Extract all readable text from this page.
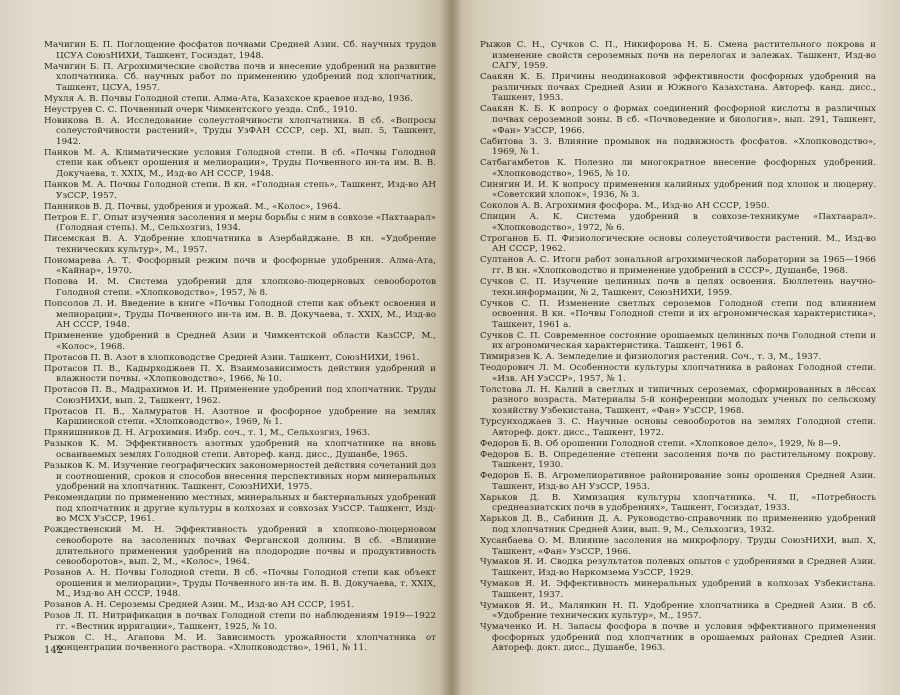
Мачигин Б. П. Поглощение фосфатов почвами Средней Азии. Сб. научных трудов ЦСУА СоюзНИХИ, Ташкент, Госиздат, 1948.
Мачигин Б. П. Агрохимические свойства почв и внесение удобрений на развитие хлопчатника. Сб. научных работ по применению удобрений под хлопчатник, Ташкент, ЦСУА, 1957.
Мухля А. В. Почвы Голодной степи. Алма-Ата, Казахское краевое изд-во, 1936.
Неуструев С. С. Почвенный очерк Чимкентского уезда. Спб., 1910.
Новикова В. А. Исследование солеустойчивости хлопчатника. В сб. «Вопросы солеустойчивости растений», Труды УзФАН СССР, сер. XI, вып. 5, Ташкент, 1942.
Панков М. А. Климатические условия Голодной степи. В сб. «Почвы Голодной степи как объект орошения и мелиорации», Труды Почвенного ин-та им. В. В. Докучаева, т. XXIX, М., Изд-во АН СССР, 1948.
Панков М. А. Почвы Голодной степи. В кн. «Голодная степь», Ташкент, Изд-во АН УзССР, 1957.
Панников В. Д. Почвы, удобрения и урожай. М., «Колос», 1964.
Петров Е. Г. Опыт изучения засоления и меры борьбы с ним в совхозе «Пахтаарал» (Голодная степь). М., Сельхозгиз, 1934.
Писемская В. А. Удобрение хлопчатника в Азербайджане. В кн. «Удобрение технических культур», М., 1957.
Пономарева А. Т. Фосфорный режим почв и фосфорные удобрения. Алма-Ата, «Кайнар», 1970.
Попова И. М. Система удобрений для хлопково-люцерновых севооборотов Голодной степи. «Хлопководство», 1957, № 8.
Попсолов Л. И. Введение в книге «Почвы Голодной степи как объект освоения и мелиорации», Труды Почвенного ин-та им. В. В. Докучаева, т. XXIX, М., Изд-во АН СССР, 1948.
Применение удобрений в Средней Азии и Чимкентской области КазССР, М., «Колос», 1968.
Протасов П. В. Азот в хлопководстве Средней Азии. Ташкент, СоюзНИХИ, 1961.
Протасов П. В., Кадырходжаев П. Х. Взаимозависимость действия удобрений и влажности почвы. «Хлопководство», 1966, № 10.
Протасов П. В., Мадрахимов И. И. Применение удобрений под хлопчатник. Труды СоюзНИХИ, вып. 2, Ташкент, 1962.
Протасов П. В., Халмуратов Н. Азотное и фосфорное удобрение на землях Каршинской степи. «Хлопководство», 1969, № 1.
Прянишников Д. Н. Агрохимия. Избр. соч., т. 1, М., Сельхозгиз, 1963.
Разыков К. М. Эффективность азотных удобрений на хлопчатнике на вновь осваиваемых землях Голодной степи. Автореф. канд. дисс., Душанбе, 1965.
Разыков К. М. Изучение географических закономерностей действия сочетаний доз и соотношений, сроков и способов внесения перспективных норм минеральных удобрений на хлопчатник. Ташкент, СоюзНИХИ, 1975.
Рекомендации по применению местных, минеральных и бактериальных удобрений под хлопчатник и другие культуры в колхозах и совхозах УзССР. Ташкент, Изд-во МСХ УзССР, 1961.
Рождественский М. Н. Эффективность удобрений в хлопково-люцерновом севообороте на засоленных почвах Ферганской долины. В сб. «Влияние длительного применения удобрений на плодородие почвы и продуктивность севооборотов», вып. 2, М., «Колос», 1964.
Розанов А. Н. Почвы Голодной степи. В сб. «Почвы Голодной степи как объект орошения и мелиорации», Труды Почвенного ин-та им. В. В. Докучаева, т. XXIX, М., Изд-во АН СССР, 1948.
Розанов А. Н. Сероземы Средней Азии. М., Изд-во АН СССР, 1951.
Розов Л. П. Нитрификация в почвах Голодной степи по наблюдениям 1919—1922 гг. «Вестник ирригации», Ташкент, 1925, № 10.
Рыжов С. Н., Агапова М. И. Зависимость урожайности хлопчатника от концентрации почвенного раствора. «Хлопководство», 1961, № 11.
142
Рыжов С. Н., Сучков С. П., Никифорова Н. Б. Смена растительного покрова и изменение свойств сероземных почв на перелогах и залежах. Ташкент, Изд-во САГУ, 1959.
Саакян К. Б. Причины неодинаковой эффективности фосфорных удобрений на различных почвах Средней Азии и Южного Казахстана. Автореф. канд. дисс., Ташкент, 1953.
Саакян К. Б. К вопросу о формах соединений фосфорной кислоты в различных почвах сероземной зоны. В сб. «Почвоведение и биология», вып. 291, Ташкент, «Фан» УзССР, 1966.
Сабитова З. З. Влияние промывок на подвижность фосфатов. «Хлопководство», 1969, № 1.
Сатбагамбетов К. Полезно ли многократное внесение фосфорных удобрений. «Хлопководство», 1965, № 10.
Синягин И. И. К вопросу применения калийных удобрений под хлопок и люцерну. «Советский хлопок», 1936, № 3.
Соколов А. В. Агрохимия фосфора. М., Изд-во АН СССР, 1950.
Спицин А. К. Система удобрений в совхозе-техникуме «Пахтаарал». «Хлопководство», 1972, № 6.
Строганов Б. П. Физиологические основы солеустойчивости растений. М., Изд-во АН СССР, 1962.
Султанов А. С. Итоги работ зональной агрохимической лаборатории за 1965—1966 гг. В кн. «Хлопководство и применение удобрений в СССР», Душанбе, 1968.
Сучков С. П. Изучение целинных почв в целях освоения. Бюллетень научно-техн.информации, № 2, Ташкент, СоюзНИХИ, 1959.
Сучков С. П. Изменение светлых сероземов Голодной степи под влиянием освоения. В кн. «Почвы Голодной степи и их агрономическая характеристика», Ташкент, 1961 а.
Сучков С. П. Современное состояние орошаемых целинных почв Голодной степи и их агрономическая характеристика. Ташкент, 1961 б.
Тимирязев К. А. Земледелие и физиология растений. Соч., т. 3, М., 1937.
Теодорович Л. М. Особенности культуры хлопчатника в районах Голодной степи. «Изв. АН УзССР», 1957, № 1.
Толстова Л. Н. Калий в светлых и типичных сероземах, сформированных в лёссах разного возраста. Материалы 5-й конференции молодых ученых по сельскому хозяйству Узбекистана, Ташкент, «Фан» УзССР, 1968.
Турсунходжаев З. С. Научные основы севооборотов на землях Голодной степи. Автореф. докт. дисс., Ташкент, 1972.
Федоров Б. В. Об орошении Голодной степи. «Хлопковое дело», 1929, № 8—9.
Федоров Б. В. Определение степени засоления почв по растительному покрову. Ташкент, 1930.
Федоров Б. В. Агромелиоративное районирование зоны орошения Средней Азии. Ташкент, Изд-во АН УзССР, 1953.
Харьков Д. В. Химизация культуры хлопчатника. Ч. II, «Потребность среднеазиатских почв в удобрениях», Ташкент, Госиздат, 1933.
Харьков Д. В., Сабинин Д. А. Руководство-справочник по применению удобрений под хлопчатник Средней Азии, вып. 9, М., Сельхозгиз, 1932.
Хусанбаева О. М. Влияние засоления на микрофлору. Труды СоюзНИХИ, вып. X, Ташкент, «Фан» УзССР, 1966.
Чумаков Я. И. Сводка результатов полевых опытов с удобрениями в Средней Азии. Ташкент, Изд-во Наркомзема УзССР, 1929.
Чумаков Я. И. Эффективность минеральных удобрений в колхозах Узбекистана. Ташкент, 1937.
Чумаков Я. И., Малянкин Н. П. Удобрение хлопчатника в Средней Азии. В сб. «Удобрение технических культур», М., 1957.
Чумаченко И. Н. Запасы фосфора в почве и условия эффективного применения фосфорных удобрений под хлопчатник в орошаемых районах Средней Азии. Автореф. докт. дисс., Душанбе, 1963.
